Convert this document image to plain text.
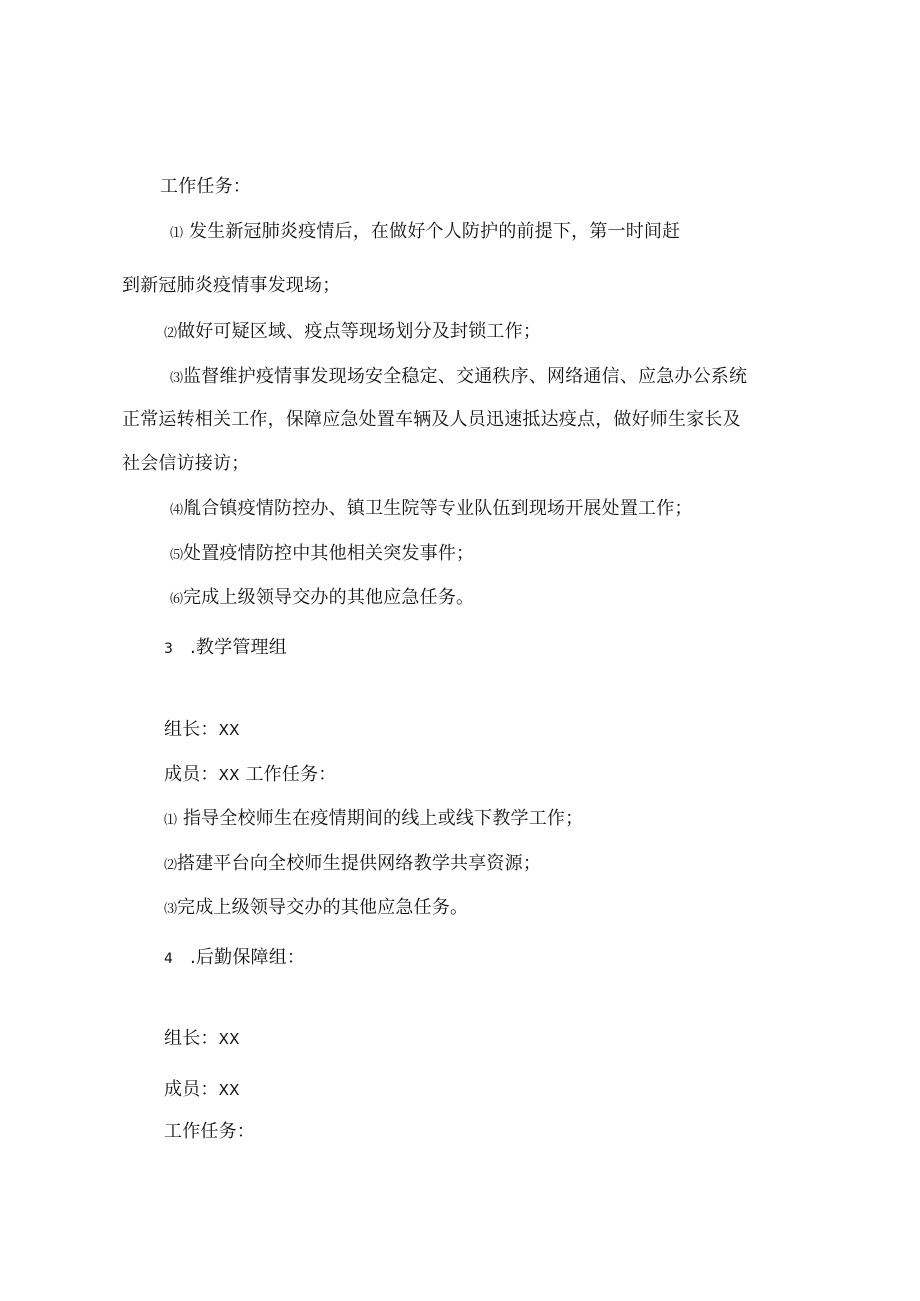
工作任务：
⑴ 发生新冠肺炎疫情后，在做好个人防护的前提下，第一时间赶
到新冠肺炎疫情事发现场；
⑵做好可疑区域、疫点等现场划分及封锁工作；
⑶监督维护疫情事发现场安全稳定、交通秩序、网络通信、应急办公系统
正常运转相关工作，保障应急处置车辆及人员迅速抵达疫点，做好师生家长及
社会信访接访；
⑷胤合镇疫情防控办、镇卫生院等专业队伍到现场开展处置工作；
⑸处置疫情防控中其他相关突发事件；
⑹完成上级领导交办的其他应急任务。
3 .教学管理组
组长：XX
成员：XX 工作任务：
⑴ 指导全校师生在疫情期间的线上或线下教学工作；
⑵搭建平台向全校师生提供网络教学共享资源；
⑶完成上级领导交办的其他应急任务。
4 .后勤保障组：
组长：XX
成员：XX
工作任务：
